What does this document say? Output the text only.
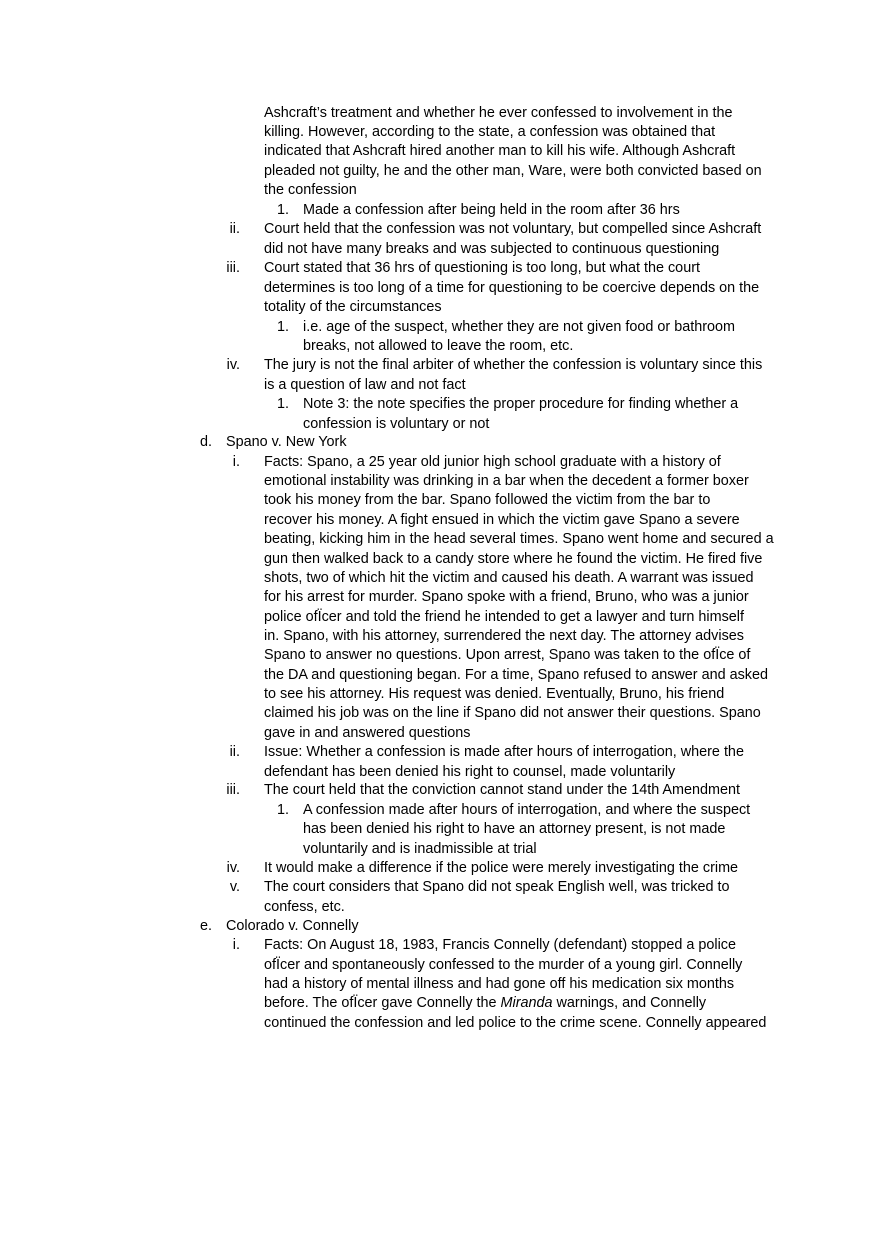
Ashcraft’s treatment and whether he ever confessed to involvement in the

killing. However, according to the state, a confession was obtained that

indicated that Ashcraft hired another man to kill his wife. Although Ashcraft

pleaded not guilty, he and the other man, Ware, were both convicted based on

the confession

1. Made a confession after being held in the room after 36 hrs

ii. Court held that the confession was not voluntary, but compelled since Ashcraft

did not have many breaks and was subjected to continuous questioning

iii. Court stated that 36 hrs of questioning is too long, but what the court

determines is too long of a time for questioning to be coercive depends on the

totality of the circumstances

1. i.e. age of the suspect, whether they are not given food or bathroom

breaks, not allowed to leave the room, etc.

iv. The jury is not the final arbiter of whether the confession is voluntary since this

is a question of law and not fact

1. Note 3: the note specifies the proper procedure for finding whether a

confession is voluntary or not

d. Spano v. New York

i. Facts: Spano, a 25 year old junior high school graduate with a history of

emotional instability was drinking in a bar when the decedent a former boxer

took his money from the bar. Spano followed the victim from the bar to

recover his money. A fight ensued in which the victim gave Spano a severe

beating, kicking him in the head several times. Spano went home and secured a

gun then walked back to a candy store where he found the victim. He fired five

shots, two of which hit the victim and caused his death. A warrant was issued

for his arrest for murder. Spano spoke with a friend, Bruno, who was a junior

police ofÏcer and told the friend he intended to get a lawyer and turn himself

in. Spano, with his attorney, surrendered the next day. The attorney advises

Spano to answer no questions. Upon arrest, Spano was taken to the ofÏce of

the DA and questioning began. For a time, Spano refused to answer and asked

to see his attorney. His request was denied. Eventually, Bruno, his friend

claimed his job was on the line if Spano did not answer their questions. Spano

gave in and answered questions

ii. Issue: Whether a confession is made after hours of interrogation, where the

defendant has been denied his right to counsel, made voluntarily

iii. The court held that the conviction cannot stand under the 14th Amendment

1. A confession made after hours of interrogation, and where the suspect

has been denied his right to have an attorney present, is not made

voluntarily and is inadmissible at trial

iv. It would make a difference if the police were merely investigating the crime

v. The court considers that Spano did not speak English well, was tricked to

confess, etc.

e. Colorado v. Connelly

i. Facts: On August 18, 1983, Francis Connelly (defendant) stopped a police

ofÏcer and spontaneously confessed to the murder of a young girl. Connelly

had a history of mental illness and had gone off his medication six months

before. The ofÏcer gave Connelly the Miranda warnings, and Connelly

continued the confession and led police to the crime scene. Connelly appeared
